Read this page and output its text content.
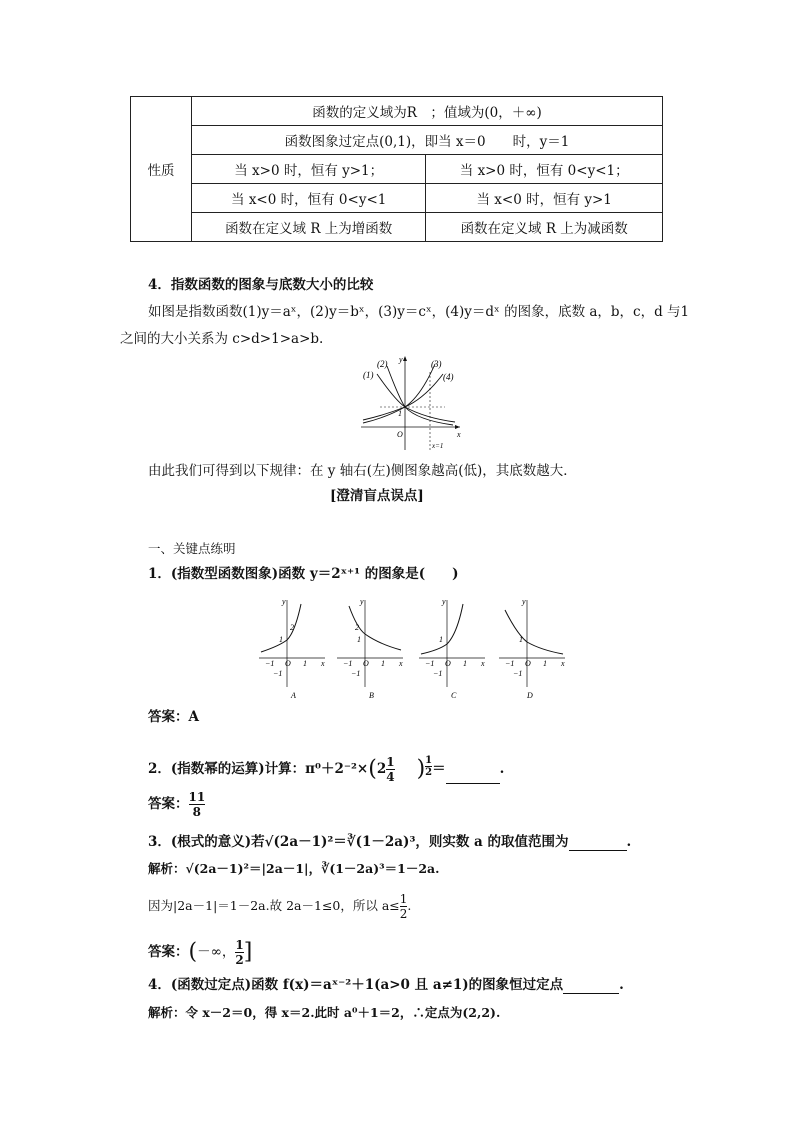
性质	函数的定义域为R　；值域为(0，＋∞)	
	函数图象过定点(0,1)，即当 x＝0　　时，y＝1	
	当 x>0 时，恒有 y>1；	当 x>0 时，恒有 0<y<1；
	当 x<0 时，恒有 0<y<1	当 x<0 时，恒有 y>1
	函数在定义域 R 上为增函数	函数在定义域 R 上为减函数
4．指数函数的图象与底数大小的比较
如图是指数函数(1)y＝aˣ，(2)y＝bˣ，(3)y＝cˣ，(4)y＝dˣ 的图象，底数 a，b，c，d 与1
之间的大小关系为 c>d>1>a>b.
(1)
(2)	(3)
(4)
y
x
O
1
x=1
由此我们可得到以下规律：在 y 轴右(左)侧图象越高(低)，其底数越大．
[澄清盲点误点]
一、关键点练明
1．(指数型函数图象)函数 y＝2ˣ⁺¹ 的图象是(　　)
2
1
y
x
−1 O 1
−1
A
2
1
y
x
−1 O 1
−1
B
1
y
x
−1 O 1
−1
C
1
y
x
−1 O 1
−1
D
答案：A
2．(指数幂的运算)计算：$\pi^0+2^{-2}\times(2\frac{1}{4} )\frac{1}{2}$ ＝	.
答案：$\frac{11}{8}$
3．(根式的意义)若√(2a－1)²＝∛(1－2a)³，则实数 a 的取值范围为	.
解析：√(2a－1)²＝|2a－1|，∛(1－2a)³＝1－2a.
因为|2a－1|＝1－2a.故 2a－1≤0，所以 $a\le\frac{1}{2}$ .
答案：(－∞，$\frac{1}{2}$ ]
4．(函数过定点)函数 f(x)＝aˣ⁻²＋1(a>0 且 a≠1)的图象恒过定点	.
解析：令 x－2＝0，得 x＝2.此时 a⁰＋1＝2，∴定点为(2,2).
